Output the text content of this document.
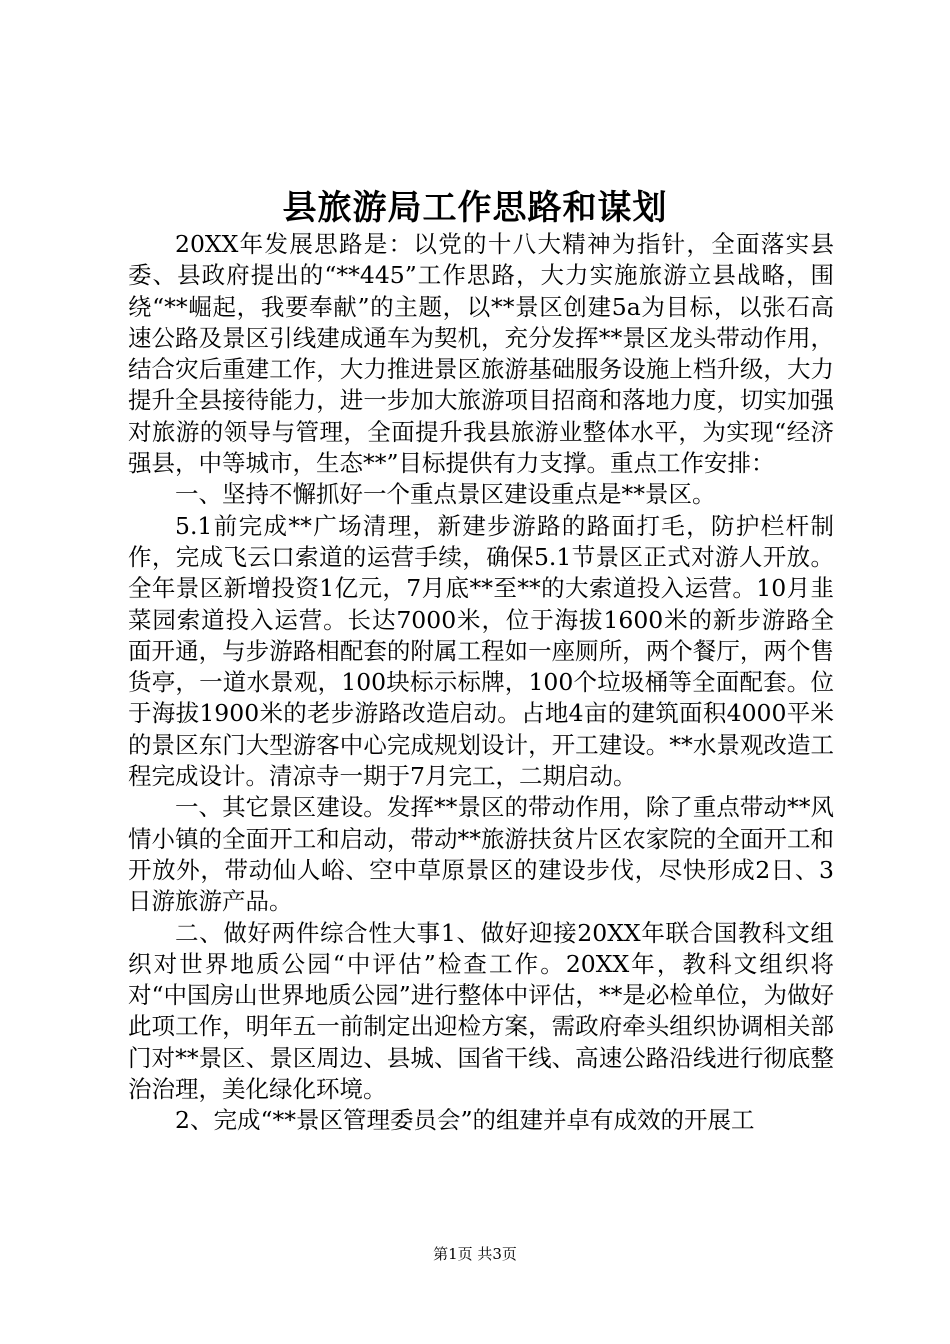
县旅游局工作思路和谋划

20XX年发展思路是：以党的十八大精神为指针，全面落实县委、县政府提出的“**445”工作思路，大力实施旅游立县战略，围绕“**崛起，我要奉献”的主题，以**景区创建5a为目标，以张石高速公路及景区引线建成通车为契机，充分发挥**景区龙头带动作用，结合灾后重建工作，大力推进景区旅游基础服务设施上档升级，大力提升全县接待能力，进一步加大旅游项目招商和落地力度，切实加强对旅游的领导与管理，全面提升我县旅游业整体水平，为实现“经济强县，中等城市，生态**”目标提供有力支撑。重点工作安排：

一、坚持不懈抓好一个重点景区建设重点是**景区。

5.1前完成**广场清理，新建步游路的路面打毛，防护栏杆制作，完成飞云口索道的运营手续，确保5.1节景区正式对游人开放。全年景区新增投资1亿元，7月底**至**的大索道投入运营。10月韭菜园索道投入运营。长达7000米，位于海拔1600米的新步游路全面开通，与步游路相配套的附属工程如一座厕所，两个餐厅，两个售货亭，一道水景观，100块标示标牌，100个垃圾桶等全面配套。位于海拔1900米的老步游路改造启动。占地4亩的建筑面积4000平米的景区东门大型游客中心完成规划设计，开工建设。**水景观改造工程完成设计。清凉寺一期于7月完工，二期启动。

一、其它景区建设。发挥**景区的带动作用，除了重点带动**风情小镇的全面开工和启动，带动**旅游扶贫片区农家院的全面开工和开放外，带动仙人峪、空中草原景区的建设步伐，尽快形成2日、3日游旅游产品。

二、做好两件综合性大事1、做好迎接20XX年联合国教科文组织对世界地质公园“中评估”检查工作。20XX年，教科文组织将对“中国房山世界地质公园”进行整体中评估，**是必检单位，为做好此项工作，明年五一前制定出迎检方案，需政府牵头组织协调相关部门对**景区、景区周边、县城、国省干线、高速公路沿线进行彻底整治治理，美化绿化环境。

2、完成“**景区管理委员会”的组建并卓有成效的开展工

第1页 共3页
